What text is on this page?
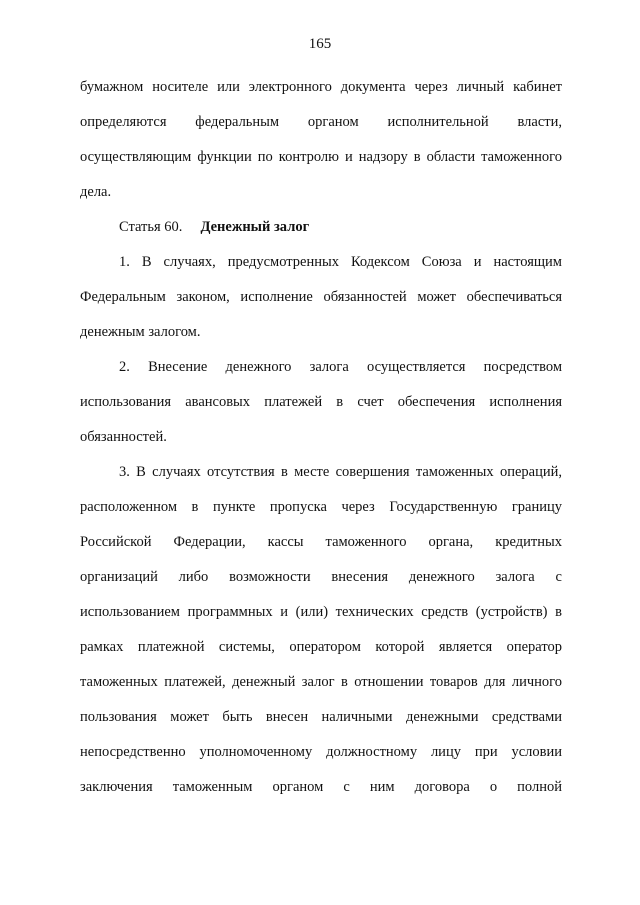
165
бумажном носителе или электронного документа через личный кабинет
определяются федеральным органом исполнительной власти,
осуществляющим функции по контролю и надзору в области таможенного
дела.
Статья 60. Денежный залог
1. В случаях, предусмотренных Кодексом Союза и настоящим
Федеральным законом, исполнение обязанностей может обеспечиваться
денежным залогом.
2. Внесение денежного залога осуществляется посредством
использования авансовых платежей в счет обеспечения исполнения
обязанностей.
3. В случаях отсутствия в месте совершения таможенных операций,
расположенном в пункте пропуска через Государственную границу
Российской Федерации, кассы таможенного органа, кредитных
организаций либо возможности внесения денежного залога с
использованием программных и (или) технических средств (устройств) в
рамках платежной системы, оператором которой является оператор
таможенных платежей, денежный залог в отношении товаров для личного
пользования может быть внесен наличными денежными средствами
непосредственно уполномоченному должностному лицу при условии
заключения таможенным органом с ним договора о полной
